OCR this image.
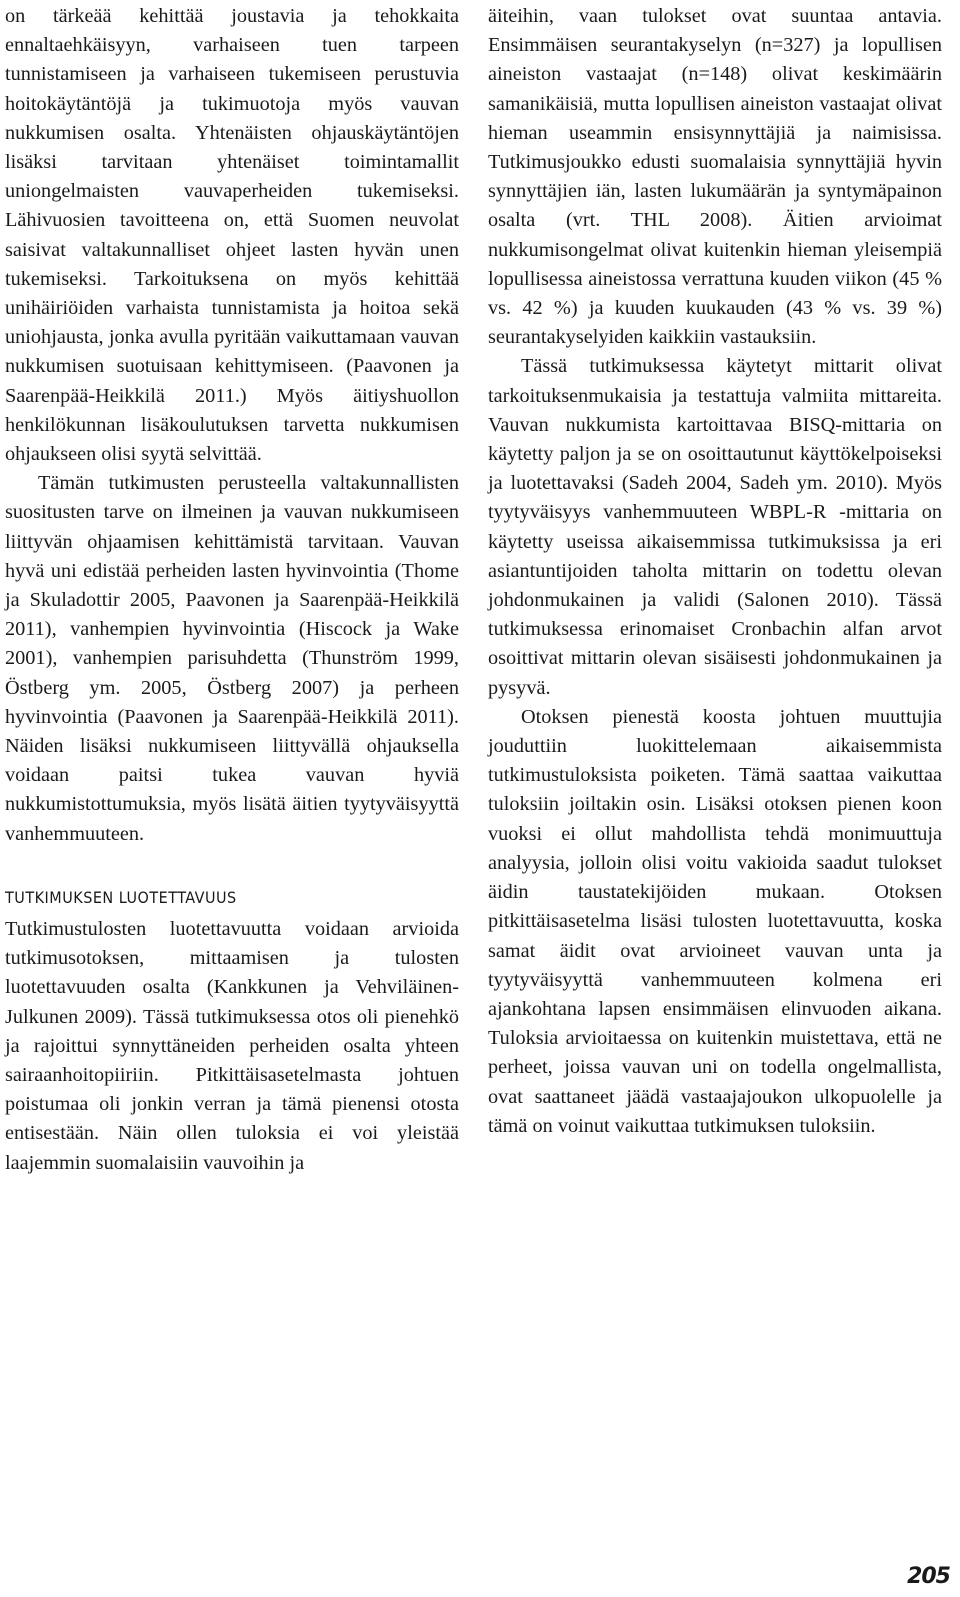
on tärkeää kehittää joustavia ja tehokkaita ennaltaehkäisyyn, varhaiseen tuen tarpeen tunnistamiseen ja varhaiseen tukemiseen perustuvia hoitokäytäntöjä ja tukimuotoja myös vauvan nukkumisen osalta. Yhtenäisten ohjauskäytäntöjen lisäksi tarvitaan yhtenäiset toimintamallit uniongelmaisten vauvaperheiden tukemiseksi. Lähivuosien tavoitteena on, että Suomen neuvolat saisivat valtakunnalliset ohjeet lasten hyvän unen tukemiseksi. Tarkoituksena on myös kehittää unihäiriöiden varhaista tunnistamista ja hoitoa sekä uniohjausta, jonka avulla pyritään vaikuttamaan vauvan nukkumisen suotuisaan kehittymiseen. (Paavonen ja Saarenpää-Heikkilä 2011.) Myös äitiyshuollon henkilökunnan lisäkoulutuksen tarvetta nukkumisen ohjaukseen olisi syytä selvittää.

Tämän tutkimusten perusteella valtakunnallisten suositusten tarve on ilmeinen ja vauvan nukkumiseen liittyvän ohjaamisen kehittämistä tarvitaan. Vauvan hyvä uni edistää perheiden lasten hyvinvointia (Thome ja Skuladottir 2005, Paavonen ja Saarenpää-Heikkilä 2011), vanhempien hyvinvointia (Hiscock ja Wake 2001), vanhempien parisuhdetta (Thunström 1999, Östberg ym. 2005, Östberg 2007) ja perheen hyvinvointia (Paavonen ja Saarenpää-Heikkilä 2011). Näiden lisäksi nukkumiseen liittyvällä ohjauksella voidaan paitsi tukea vauvan hyviä nukkumistottumuksia, myös lisätä äitien tyytyväisyyttä vanhemmuuteen.

TUTKIMUKSEN LUOTETTAVUUS

Tutkimustulosten luotettavuutta voidaan arvioida tutkimusotoksen, mittaamisen ja tulosten luotettavuuden osalta (Kankkunen ja Vehviläinen-Julkunen 2009). Tässä tutkimuksessa otos oli pienehkö ja rajoittui synnyttäneiden perheiden osalta yhteen sairaanhoitopiiriin. Pitkittäisasetelmasta johtuen poistumaa oli jonkin verran ja tämä pienensi otosta entisestään. Näin ollen tuloksia ei voi yleistää laajemmin suomalaisiin vauvoihin ja

äiteihin, vaan tulokset ovat suuntaa antavia. Ensimmäisen seurantakyselyn (n=327) ja lopullisen aineiston vastaajat (n=148) olivat keskimäärin samanikäisiä, mutta lopullisen aineiston vastaajat olivat hieman useammin ensisynnyttäjiä ja naimisissa. Tutkimusjoukko edusti suomalaisia synnyttäjiä hyvin synnyttäjien iän, lasten lukumäärän ja syntymäpainon osalta (vrt. THL 2008). Äitien arvioimat nukkumisongelmat olivat kuitenkin hieman yleisempiä lopullisessa aineistossa verrattuna kuuden viikon (45 % vs. 42 %) ja kuuden kuukauden (43 % vs. 39 %) seurantakyselyiden kaikkiin vastauksiin.

Tässä tutkimuksessa käytetyt mittarit olivat tarkoituksenmukaisia ja testattuja valmiita mittareita. Vauvan nukkumista kartoittavaa BISQ-mittaria on käytetty paljon ja se on osoittautunut käyttökelpoiseksi ja luotettavaksi (Sadeh 2004, Sadeh ym. 2010). Myös tyytyväisyys vanhemmuuteen WBPL-R -mittaria on käytetty useissa aikaisemmissa tutkimuksissa ja eri asiantuntijoiden taholta mittarin on todettu olevan johdonmukainen ja validi (Salonen 2010). Tässä tutkimuksessa erinomaiset Cronbachin alfan arvot osoittivat mittarin olevan sisäisesti johdonmukainen ja pysyvä.

Otoksen pienestä koosta johtuen muuttujia jouduttiin luokittelemaan aikaisemmista tutkimustuloksista poiketen. Tämä saattaa vaikuttaa tuloksiin joiltakin osin. Lisäksi otoksen pienen koon vuoksi ei ollut mahdollista tehdä monimuuttuja analyysia, jolloin olisi voitu vakioida saadut tulokset äidin taustatekijöiden mukaan. Otoksen pitkittäisasetelma lisäsi tulosten luotettavuutta, koska samat äidit ovat arvioineet vauvan unta ja tyytyväisyyttä vanhemmuuteen kolmena eri ajankohtana lapsen ensimmäisen elinvuoden aikana. Tuloksia arvioitaessa on kuitenkin muistettava, että ne perheet, joissa vauvan uni on todella ongelmallista, ovat saattaneet jäädä vastaajajoukon ulkopuolelle ja tämä on voinut vaikuttaa tutkimuksen tuloksiin.

205
